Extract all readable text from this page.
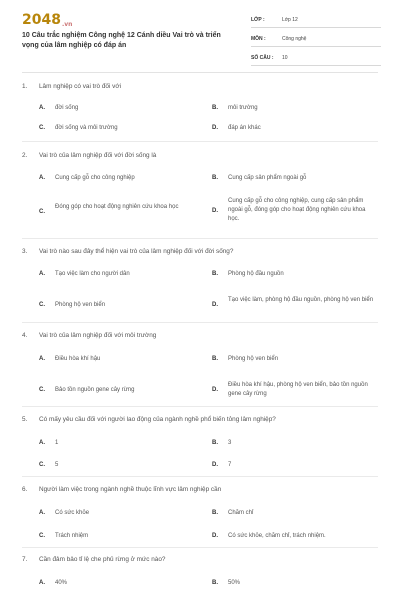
2048.vn
10 Câu trắc nghiệm Công nghệ 12 Cánh diều Vai trò và triển vọng của lâm nghiệp có đáp án
LỚP :	Lớp 12
MÔN :	Công nghệ
SỐ CÂU :	10
1. Lâm nghiệp có vai trò đối với
A. đời sống	B. môi trường
C. đời sống và môi trường	D. đáp án khác
2. Vai trò của lâm nghiệp đối với đời sống là
A. Cung cấp gỗ cho công nghiệp	B. Cung cấp sản phẩm ngoài gỗ
C.
Đóng góp cho hoạt động nghiên cứu khoa học
D.
Cung cấp gỗ cho công nghiệp, cung cấp sản phẩm ngoài gỗ, đóng góp cho hoạt động nghiên cứu khoa học.
3. Vai trò nào sau đây thể hiện vai trò của lâm nghiệp đối với đời sống?
A. Tạo việc làm cho người dân	B. Phòng hộ đầu nguồn
C. Phòng hộ ven biển	D.
Tạo việc làm, phòng hộ đầu nguồn, phòng hộ ven biển
4. Vai trò của lâm nghiệp đối với môi trường
A. Điều hòa khí hậu	B. Phòng hộ ven biển
C. Bảo tồn nguồn gene cây rừng	D.
Điều hòa khí hậu, phòng hộ ven biển, bảo tồn nguồn gene cây rừng
5. Có mấy yêu cầu đối với người lao động của ngành nghề phổ biến tỏng lâm nghiệp?
A. 1	B. 3
C. 5	D. 7
6. Người làm việc trong ngành nghề thuộc lĩnh vực lâm nghiệp cần
A. Có sức khỏe	B. Chăm chỉ
C. Trách nhiệm	D. Có sức khỏe, chăm chỉ, trách nhiệm.
7. Cần đảm bảo tỉ lệ che phủ rừng ở mức nào?
A. 40%	B. 50%
